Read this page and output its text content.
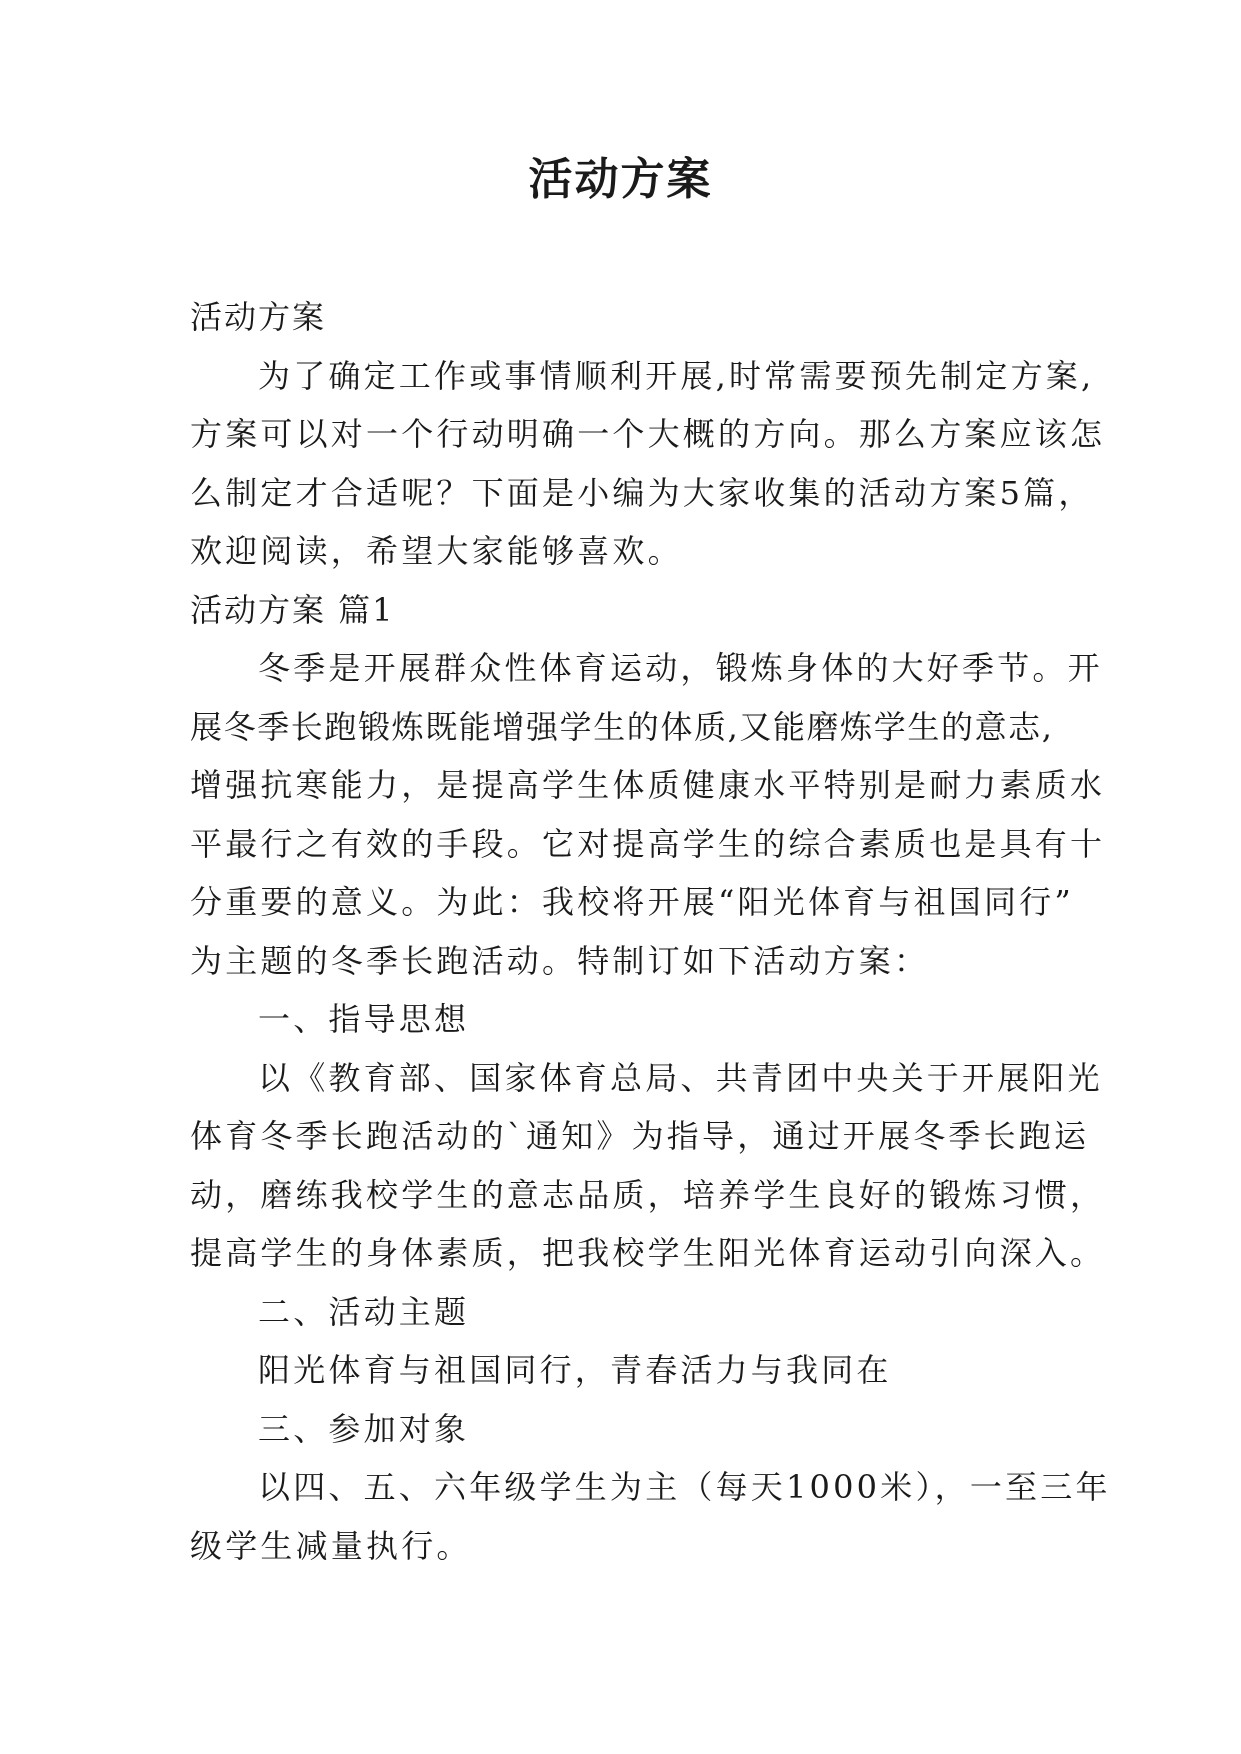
活动方案
活动方案
为了确定工作或事情顺利开展,时常需要预先制定方案,
方案可以对一个行动明确一个大概的方向。那么方案应该怎
么制定才合适呢？下面是小编为大家收集的活动方案5篇，
欢迎阅读，希望大家能够喜欢。
活动方案 篇1
冬季是开展群众性体育运动，锻炼身体的大好季节。开
展冬季长跑锻炼既能增强学生的体质,又能磨炼学生的意志,
增强抗寒能力，是提高学生体质健康水平特别是耐力素质水
平最行之有效的手段。它对提高学生的综合素质也是具有十
分重要的意义。为此：我校将开展“阳光体育与祖国同行”
为主题的冬季长跑活动。特制订如下活动方案：
一、指导思想
以《教育部、国家体育总局、共青团中央关于开展阳光
体育冬季长跑活动的`通知》为指导，通过开展冬季长跑运
动，磨练我校学生的意志品质，培养学生良好的锻炼习惯，
提高学生的身体素质，把我校学生阳光体育运动引向深入。
二、活动主题
阳光体育与祖国同行，青春活力与我同在
三、参加对象
以四、五、六年级学生为主（每天1000米），一至三年
级学生减量执行。
